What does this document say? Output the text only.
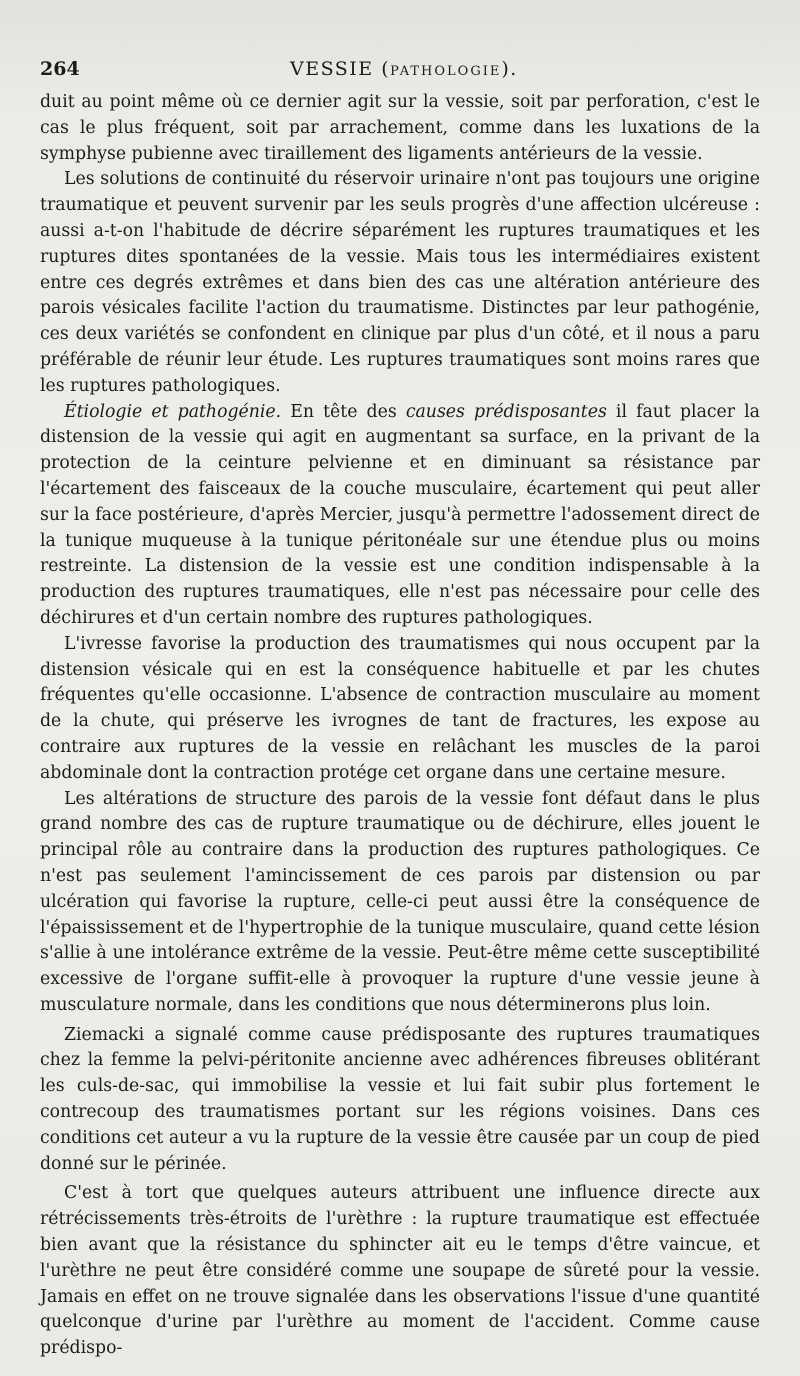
264	VESSIE (PATHOLOGIE).

duit au point même où ce dernier agit sur la vessie, soit par perforation, c'est le cas le plus fréquent, soit par arrachement, comme dans les luxations de la symphyse pubienne avec tiraillement des ligaments antérieurs de la vessie.

Les solutions de continuité du réservoir urinaire n'ont pas toujours une origine traumatique et peuvent survenir par les seuls progrès d'une affection ulcéreuse : aussi a-t-on l'habitude de décrire séparément les ruptures traumatiques et les ruptures dites spontanées de la vessie. Mais tous les intermédiaires existent entre ces degrés extrêmes et dans bien des cas une altération antérieure des parois vésicales facilite l'action du traumatisme. Distinctes par leur pathogénie, ces deux variétés se confondent en clinique par plus d'un côté, et il nous a paru préférable de réunir leur étude. Les ruptures traumatiques sont moins rares que les ruptures pathologiques.

Étiologie et pathogénie. En tête des causes prédisposantes il faut placer la distension de la vessie qui agit en augmentant sa surface, en la privant de la protection de la ceinture pelvienne et en diminuant sa résistance par l'écartement des faisceaux de la couche musculaire, écartement qui peut aller sur la face postérieure, d'après Mercier, jusqu'à permettre l'adossement direct de la tunique muqueuse à la tunique péritonéale sur une étendue plus ou moins restreinte. La distension de la vessie est une condition indispensable à la production des ruptures traumatiques, elle n'est pas nécessaire pour celle des déchirures et d'un certain nombre des ruptures pathologiques.

L'ivresse favorise la production des traumatismes qui nous occupent par la distension vésicale qui en est la conséquence habituelle et par les chutes fréquentes qu'elle occasionne. L'absence de contraction musculaire au moment de la chute, qui préserve les ivrognes de tant de fractures, les expose au contraire aux ruptures de la vessie en relâchant les muscles de la paroi abdominale dont la contraction protége cet organe dans une certaine mesure.

Les altérations de structure des parois de la vessie font défaut dans le plus grand nombre des cas de rupture traumatique ou de déchirure, elles jouent le principal rôle au contraire dans la production des ruptures pathologiques. Ce n'est pas seulement l'amincissement de ces parois par distension ou par ulcération qui favorise la rupture, celle-ci peut aussi être la conséquence de l'épaississement et de l'hypertrophie de la tunique musculaire, quand cette lésion s'allie à une intolérance extrême de la vessie. Peut-être même cette susceptibilité excessive de l'organe suffit-elle à provoquer la rupture d'une vessie jeune à musculature normale, dans les conditions que nous déterminerons plus loin.

Ziemacki a signalé comme cause prédisposante des ruptures traumatiques chez la femme la pelvi-péritonite ancienne avec adhérences fibreuses oblitérant les culs-de-sac, qui immobilise la vessie et lui fait subir plus fortement le contrecoup des traumatismes portant sur les régions voisines. Dans ces conditions cet auteur a vu la rupture de la vessie être causée par un coup de pied donné sur le périnée.

C'est à tort que quelques auteurs attribuent une influence directe aux rétrécissements très-étroits de l'urèthre : la rupture traumatique est effectuée bien avant que la résistance du sphincter ait eu le temps d'être vaincue, et l'urèthre ne peut être considéré comme une soupape de sûreté pour la vessie. Jamais en effet on ne trouve signalée dans les observations l'issue d'une quantité quelconque d'urine par l'urèthre au moment de l'accident. Comme cause prédispo-
